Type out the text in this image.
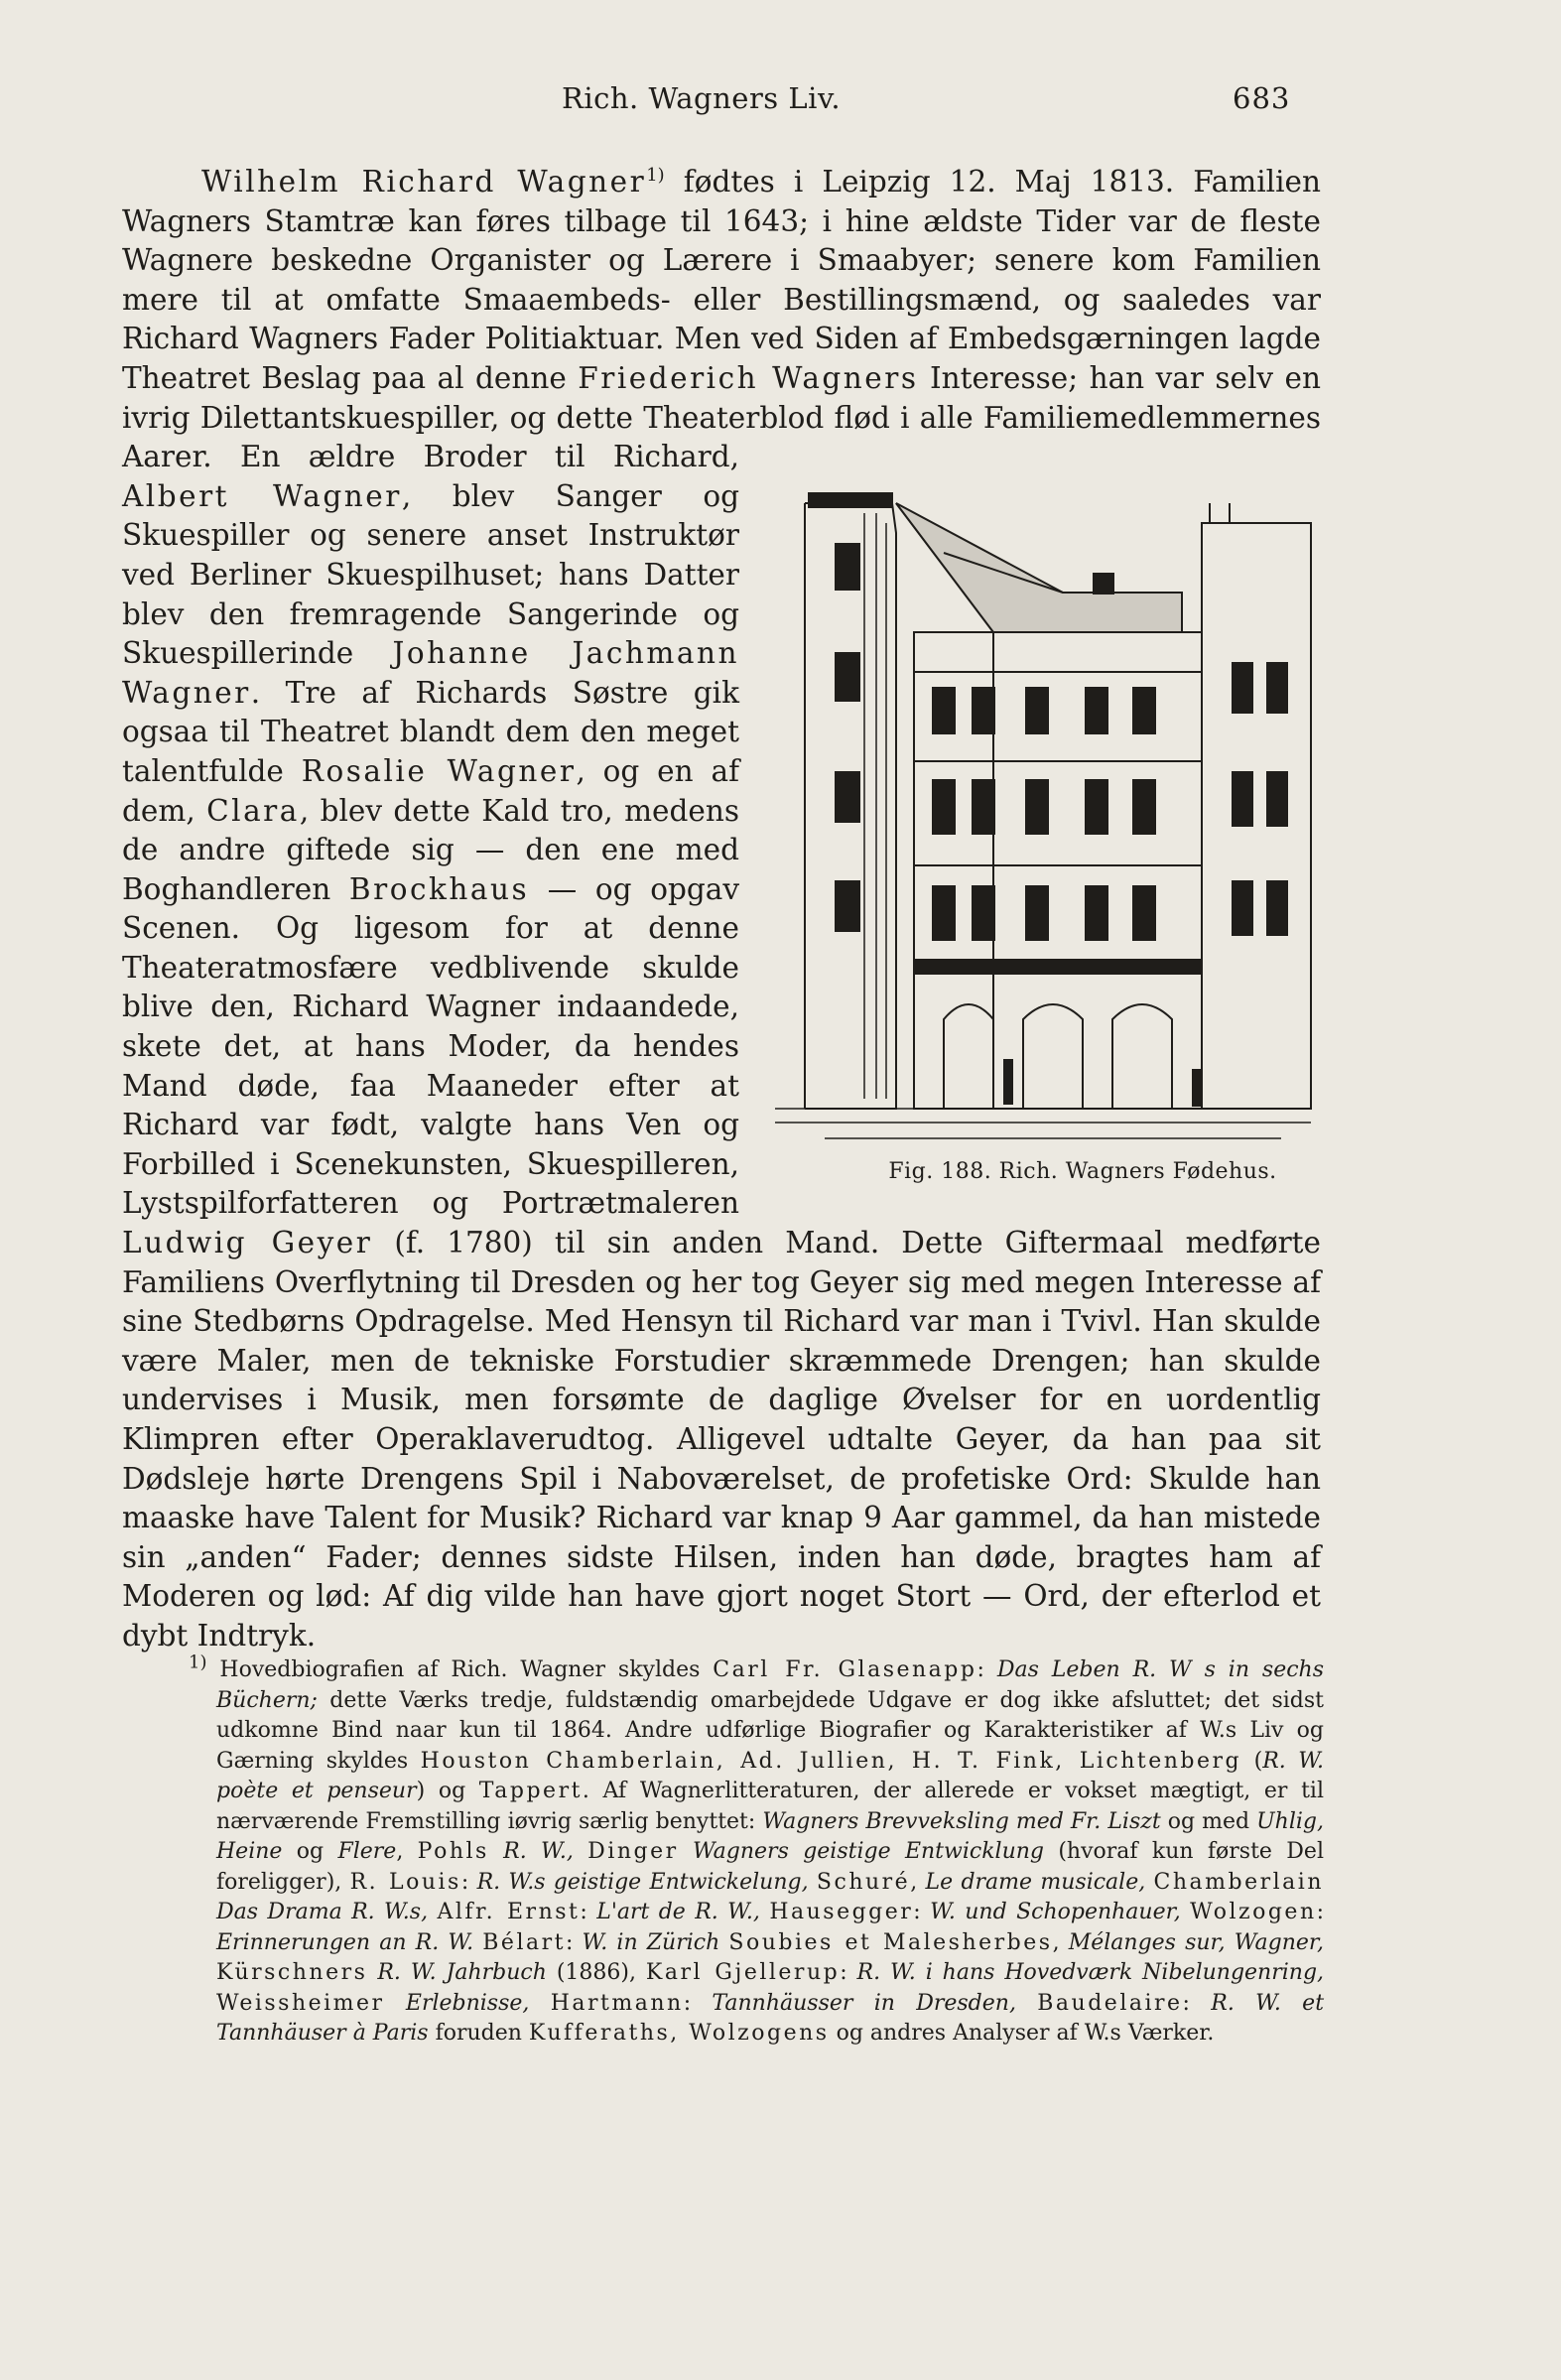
Rich. Wagners Liv.	683

Wilhelm Richard Wagner$^{1)}$ fødtes i Leipzig 12. Maj 1813. Familien Wagners Stamtræ kan føres tilbage til 1643; i hine ældste Tider var de fleste Wagnere beskedne Organister og Lærere i Smaabyer; senere kom Familien mere til at omfatte Smaaembeds- eller Bestillingsmænd, og saaledes var Richard Wagners Fader Politiaktuar. Men ved Siden af Embedsgærningen lagde Theatret Beslag paa al denne Friederich Wagners Interesse; han var selv en ivrig Dilettantskuespiller, og dette Theaterblod flød i alle Familiemedlemmernes Aarer. En ældre Broder til Richard,
Fig. 188. Rich. Wagners Fødehus.
Albert Wagner, blev Sanger og Skuespiller og senere anset Instruktør ved Berliner Skuespilhuset; hans Datter blev den fremragende Sangerinde og Skuespillerinde Johanne Jachmann Wagner. Tre af Richards Søstre gik ogsaa til Theatret blandt dem den meget talentfulde Rosalie Wagner, og en af dem, Clara, blev dette Kald tro, medens de andre giftede sig — den ene med Boghandleren Brockhaus — og opgav Scenen. Og ligesom for at denne Theateratmosfære vedblivende skulde blive den, Richard Wagner indaandede, skete det, at hans Moder, da hendes Mand døde, faa Maaneder efter at Richard var født, valgte hans Ven og Forbilled i Scenekunsten, Skuespilleren, Lystspilforfatteren og Portrætmaleren Ludwig Geyer (f. 1780) til sin anden Mand. Dette Giftermaal medførte Familiens Overflytning til Dresden og her tog Geyer sig med megen Interesse af sine Stedbørns Opdragelse. Med Hensyn til Richard var man i Tvivl. Han skulde være Maler, men de tekniske Forstudier skræmmede Drengen; han skulde undervises i Musik, men forsømte de daglige Øvelser for en uordentlig Klimpren efter Operaklaverudtog. Alligevel udtalte Geyer, da han paa sit Dødsleje hørte Drengens Spil i Naboværelset, de profetiske Ord: Skulde han maaske have Talent for Musik? Richard var knap 9 Aar gammel, da han mistede sin „anden“ Fader; dennes sidste Hilsen, inden han døde, bragtes ham af Moderen og lød: Af dig vilde han have gjort noget Stort — Ord, der efterlod et dybt Indtryk.

$^{1)}$ Hovedbiografien af Rich. Wagner skyldes Carl Fr. Glasenapp: Das Leben R. W s in sechs Büchern; dette Værks tredje, fuldstændig omarbejdede Udgave er dog ikke afsluttet; det sidst udkomne Bind naar kun til 1864. Andre udførlige Biografier og Karakteristiker af W.s Liv og Gærning skyldes Houston Chamberlain, Ad. Jullien, H. T. Fink, Lichtenberg (R. W. poète et penseur) og Tappert. Af Wagnerlitteraturen, der allerede er vokset mægtigt, er til nærværende Fremstilling iøvrig særlig benyttet: Wagners Brevveksling med Fr. Liszt og med Uhlig, Heine og Flere, Pohls R. W., Dinger Wagners geistige Entwicklung (hvoraf kun første Del foreligger), R. Louis: R. W.s geistige Entwickelung, Schuré, Le drame musicale, Chamberlain Das Drama R. W.s, Alfr. Ernst: L'art de R. W., Hausegger: W. und Schopenhauer, Wolzogen: Erinnerungen an R. W. Bélart: W. in Zürich Soubies et Malesherbes, Mélanges sur, Wagner, Kürschners R. W. Jahrbuch (1886), Karl Gjellerup: R. W. i hans Hovedværk Nibelungenring, Weissheimer Erlebnisse, Hartmann: Tannhäusser in Dresden, Baudelaire: R. W. et Tannhäuser à Paris foruden Kufferaths, Wolzogens og andres Analyser af W.s Værker.
